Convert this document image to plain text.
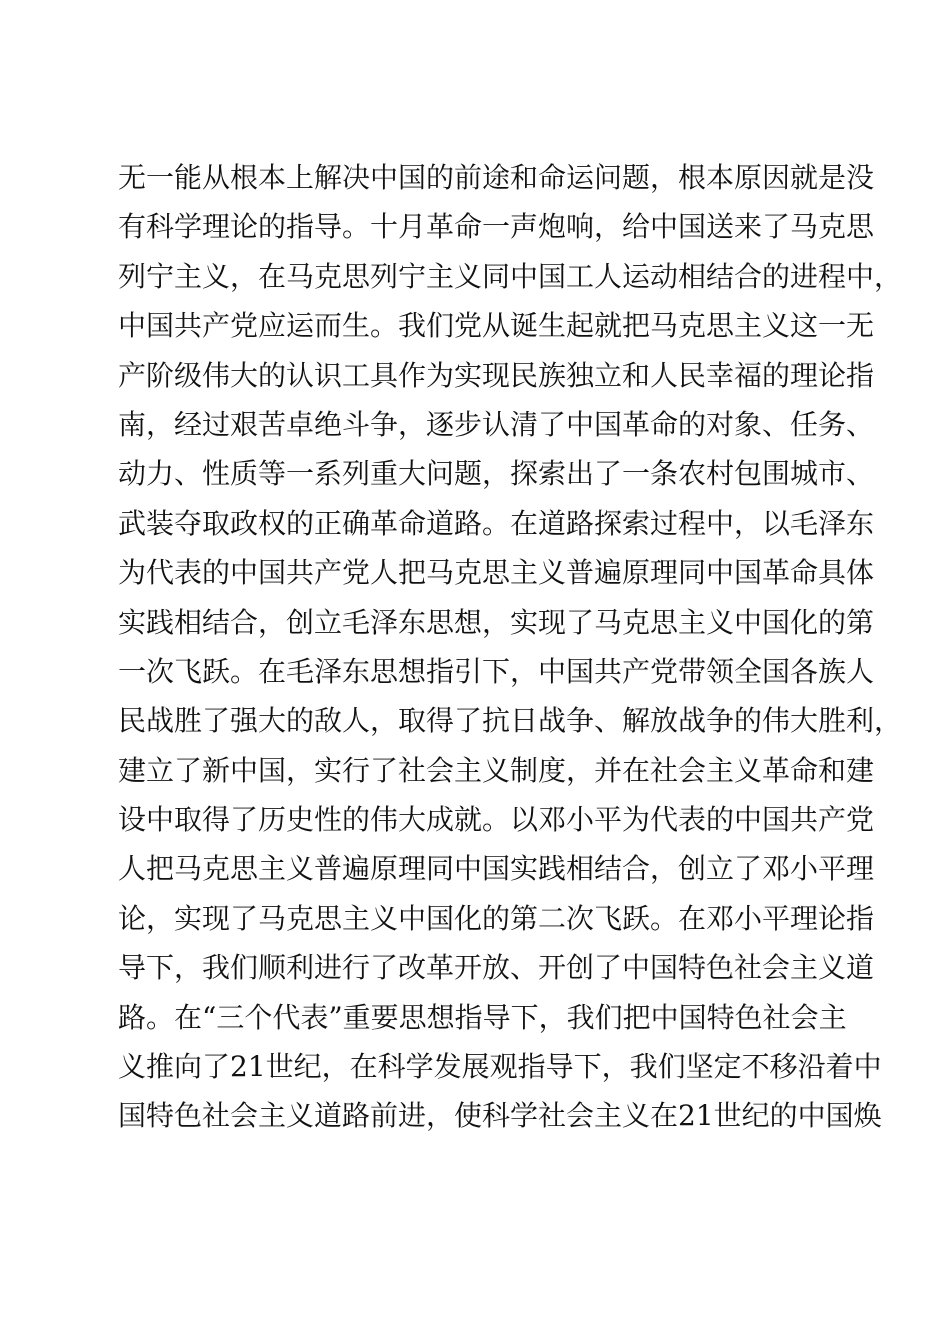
无一能从根本上解决中国的前途和命运问题，根本原因就是没
有科学理论的指导。十月革命一声炮响，给中国送来了马克思
列宁主义，在马克思列宁主义同中国工人运动相结合的进程中，
中国共产党应运而生。我们党从诞生起就把马克思主义这一无
产阶级伟大的认识工具作为实现民族独立和人民幸福的理论指
南，经过艰苦卓绝斗争，逐步认清了中国革命的对象、任务、
动力、性质等一系列重大问题，探索出了一条农村包围城市、
武装夺取政权的正确革命道路。在道路探索过程中，以毛泽东
为代表的中国共产党人把马克思主义普遍原理同中国革命具体
实践相结合，创立毛泽东思想，实现了马克思主义中国化的第
一次飞跃。在毛泽东思想指引下，中国共产党带领全国各族人
民战胜了强大的敌人，取得了抗日战争、解放战争的伟大胜利，
建立了新中国，实行了社会主义制度，并在社会主义革命和建
设中取得了历史性的伟大成就。以邓小平为代表的中国共产党
人把马克思主义普遍原理同中国实践相结合，创立了邓小平理
论，实现了马克思主义中国化的第二次飞跃。在邓小平理论指
导下，我们顺利进行了改革开放、开创了中国特色社会主义道
路。在“三个代表”重要思想指导下，我们把中国特色社会主
义推向了21世纪，在科学发展观指导下，我们坚定不移沿着中
国特色社会主义道路前进，使科学社会主义在21世纪的中国焕
